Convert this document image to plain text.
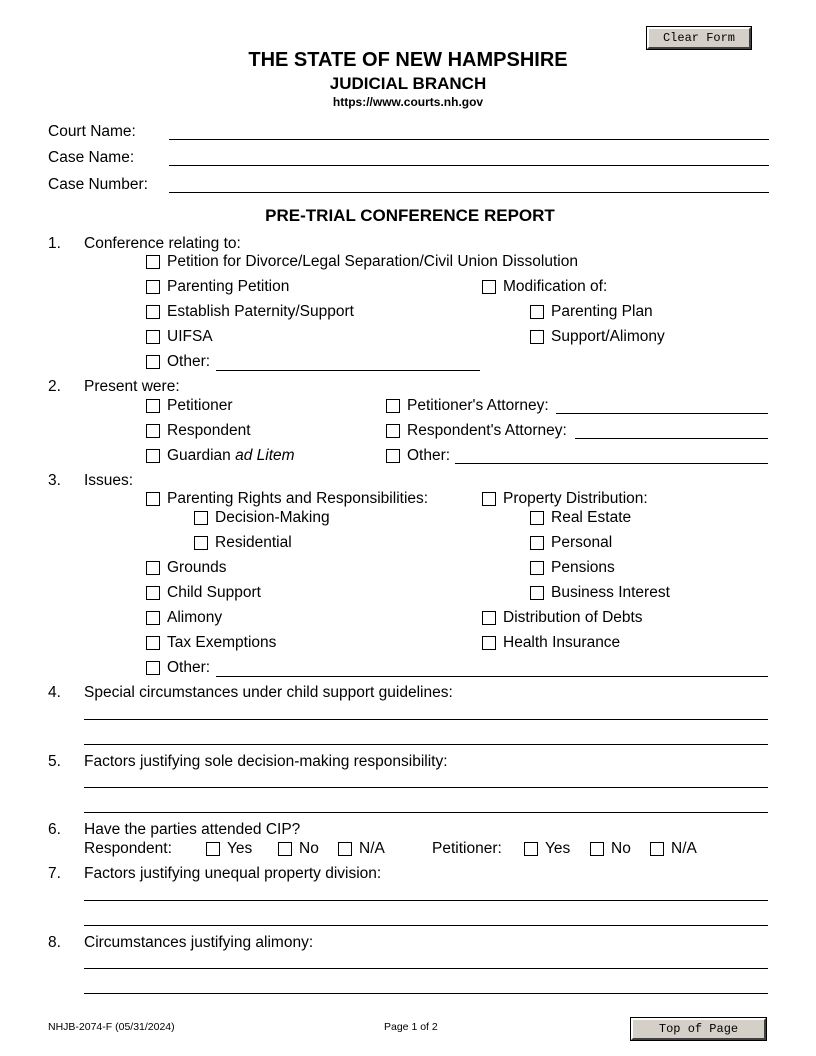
Clear Form
Top of Page
THE STATE OF NEW HAMPSHIRE
JUDICIAL BRANCH
https://www.courts.nh.gov
Court Name:
Case Name:
Case Number:
PRE-TRIAL CONFERENCE REPORT
1. Conference relating to:
Petition for Divorce/Legal Separation/Civil Union Dissolution
Parenting Petition	Modification of:
Establish Paternity/Support	Parenting Plan
UIFSA	Support/Alimony
Other:
2. Present were:
Petitioner	Petitioner's Attorney:
Respondent	Respondent's Attorney:
Guardian ad Litem	Other:
3. Issues:
Parenting Rights and Responsibilities:	Property Distribution:
Decision-Making	Real Estate
Residential	Personal
Grounds	Pensions
Child Support	Business Interest
Alimony	Distribution of Debts
Tax Exemptions	Health Insurance
Other:
4. Special circumstances under child support guidelines:
5. Factors justifying sole decision-making responsibility:
6. Have the parties attended CIP?
Respondent:	Yes	No	N/A	Petitioner:	Yes	No	N/A
7. Factors justifying unequal property division:
8. Circumstances justifying alimony:
NHJB-2074-F (05/31/2024)	Page 1 of 2
